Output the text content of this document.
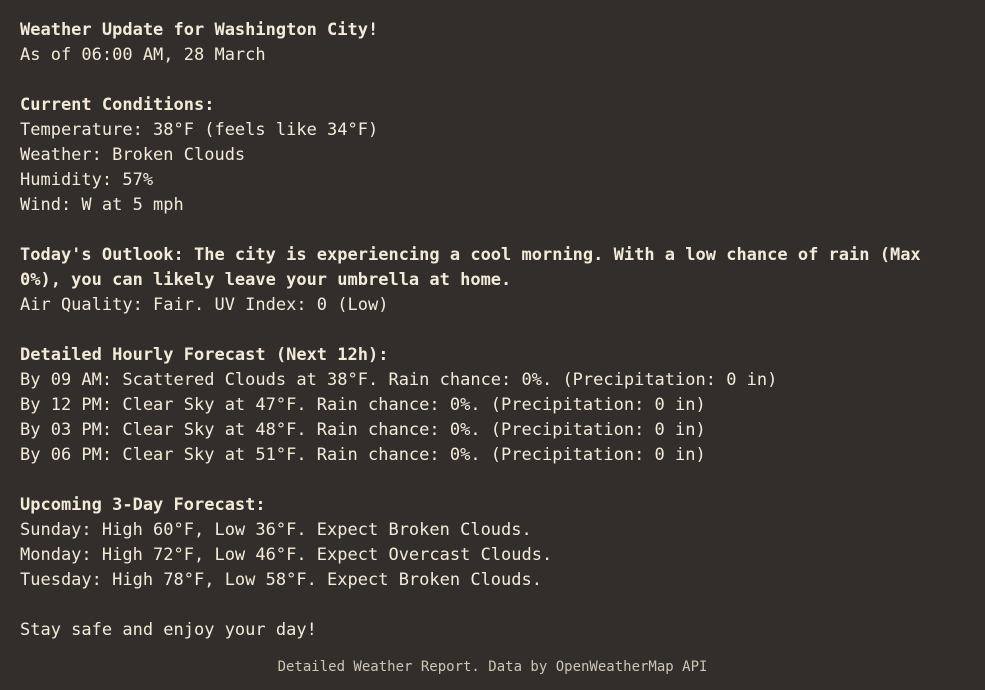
Weather Update for Washington City!
As of 06:00 AM, 28 March
Current Conditions:
Temperature: 38°F (feels like 34°F)
Weather: Broken Clouds
Humidity: 57%
Wind: W at 5 mph
Today's Outlook: The city is experiencing a cool morning. With a low chance of rain (Max 0%), you can likely leave your umbrella at home.
Air Quality: Fair. UV Index: 0 (Low)
Detailed Hourly Forecast (Next 12h):
By 09 AM: Scattered Clouds at 38°F. Rain chance: 0%. (Precipitation: 0 in)
By 12 PM: Clear Sky at 47°F. Rain chance: 0%. (Precipitation: 0 in)
By 03 PM: Clear Sky at 48°F. Rain chance: 0%. (Precipitation: 0 in)
By 06 PM: Clear Sky at 51°F. Rain chance: 0%. (Precipitation: 0 in)
Upcoming 3-Day Forecast:
Sunday: High 60°F, Low 36°F. Expect Broken Clouds.
Monday: High 72°F, Low 46°F. Expect Overcast Clouds.
Tuesday: High 78°F, Low 58°F. Expect Broken Clouds.
Stay safe and enjoy your day!
Detailed Weather Report. Data by OpenWeatherMap API
